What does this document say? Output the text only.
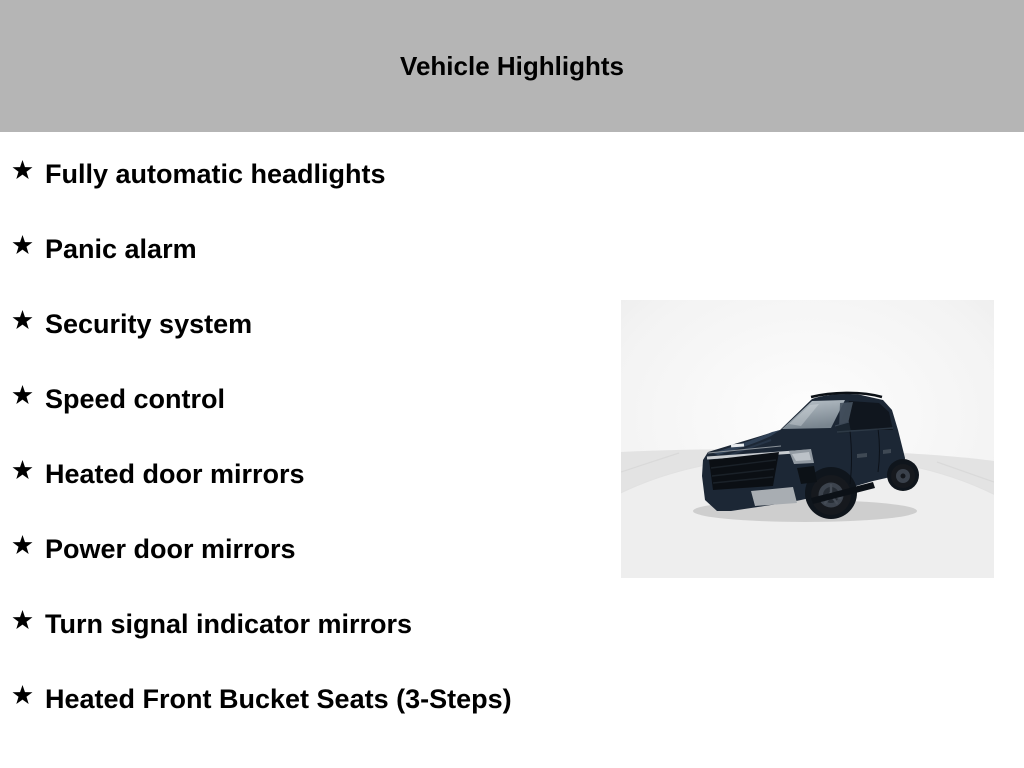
Vehicle Highlights
Fully automatic headlights
Panic alarm
Security system
Speed control
Heated door mirrors
Power door mirrors
Turn signal indicator mirrors
Heated Front Bucket Seats (3-Steps)
